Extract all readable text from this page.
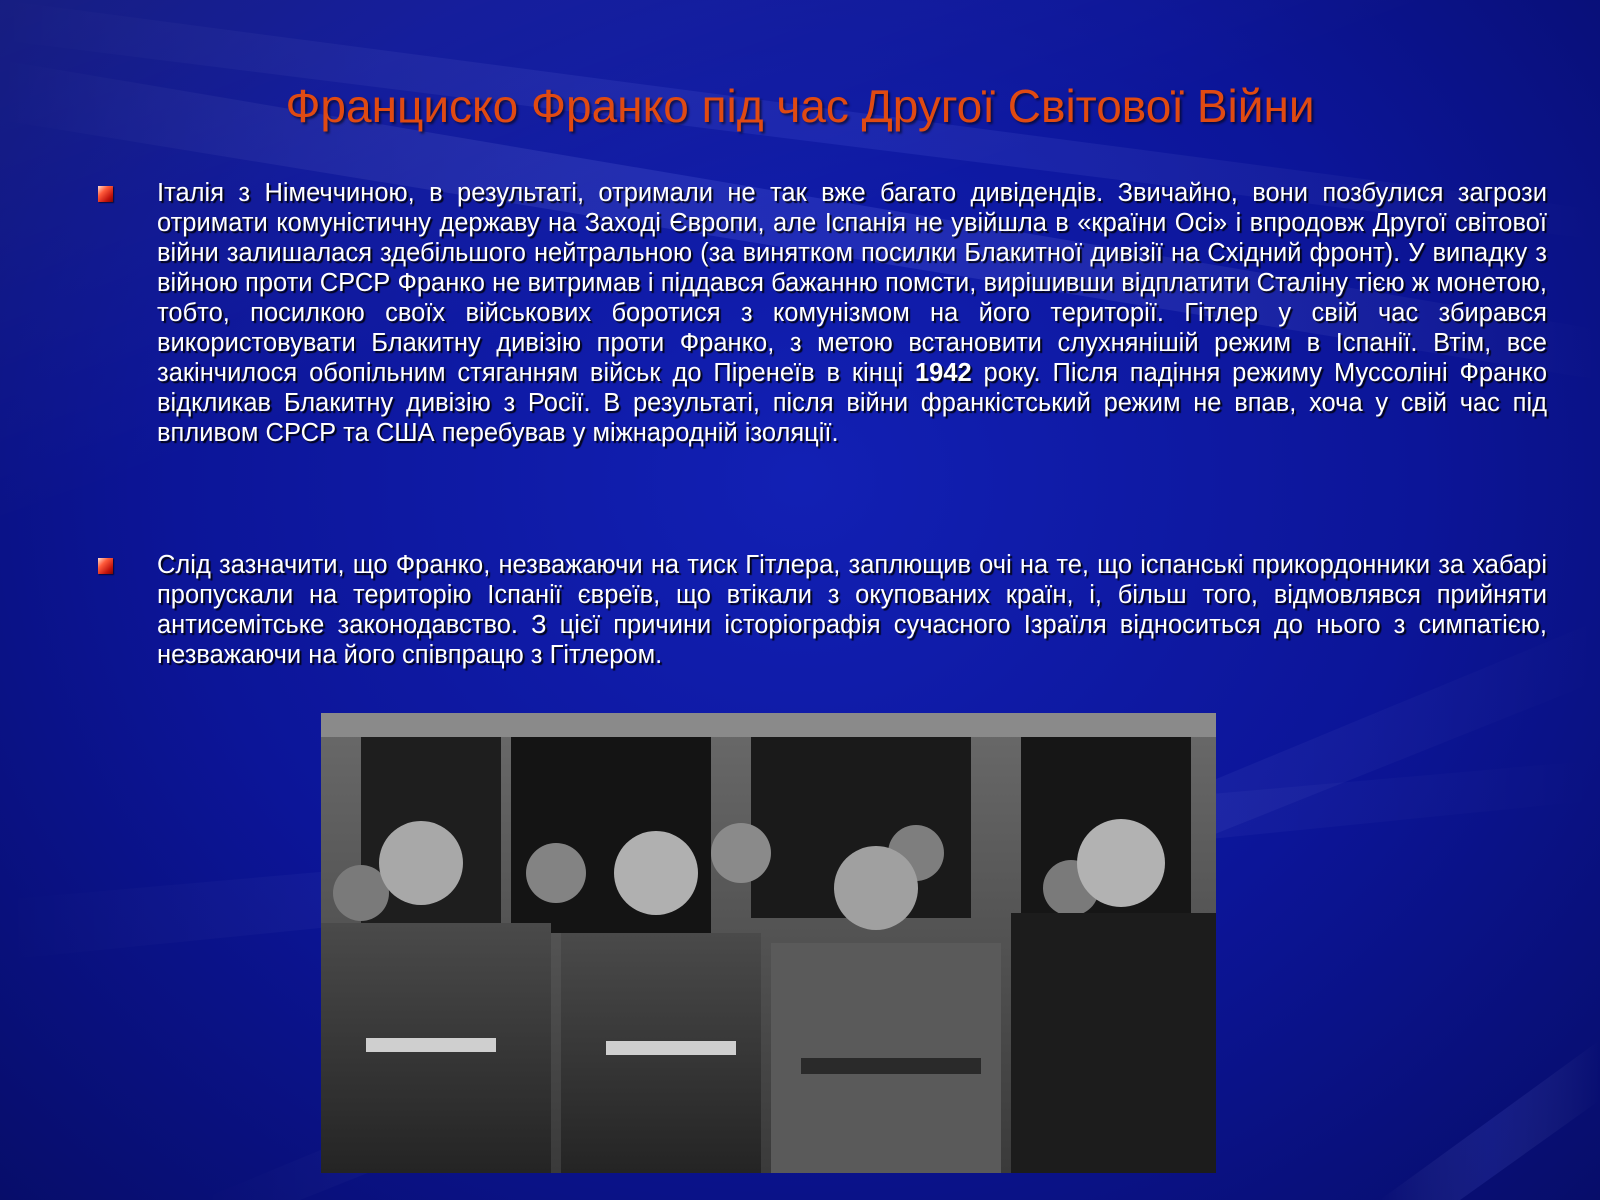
Франциско Франко під час Другої Світової Війни
Італія з Німеччиною, в результаті, отримали не так вже багато дивідендів. Звичайно, вони позбулися загрози отримати комуністичну державу на Заході Європи, але Іспанія не увійшла в «країни Осі» і впродовж Другої світової війни залишалася здебільшого нейтральною (за винятком посилки Блакитної дивізії на Східний фронт). У випадку з війною проти СРСР Франко не витримав і піддався бажанню помсти, вирішивши відплатити Сталіну тією ж монетою, тобто, посилкою своїх військових боротися з комунізмом на його території. Гітлер у свій час збирався використовувати Блакитну дивізію проти Франко, з метою встановити слухнянішій режим в Іспанії. Втім, все закінчилося обопільним стяганням військ до Піренеїв в кінці 1942 року. Після падіння режиму Муссоліні Франко відкликав Блакитну дивізію з Росії. В результаті, після війни франкістський режим не впав, хоча у свій час під впливом СРСР та США перебував у міжнародній ізоляції.
Слід зазначити, що Франко, незважаючи на тиск Гітлера, заплющив очі на те, що іспанські прикордонники за хабарі пропускали на територію Іспанії євреїв, що втікали з окупованих країн, і, більш того, відмовлявся прийняти антисемітське законодавство. З цієї причини історіографія сучасного Ізраїля відноситься до нього з симпатією, незважаючи на його співпрацю з Гітлером.
